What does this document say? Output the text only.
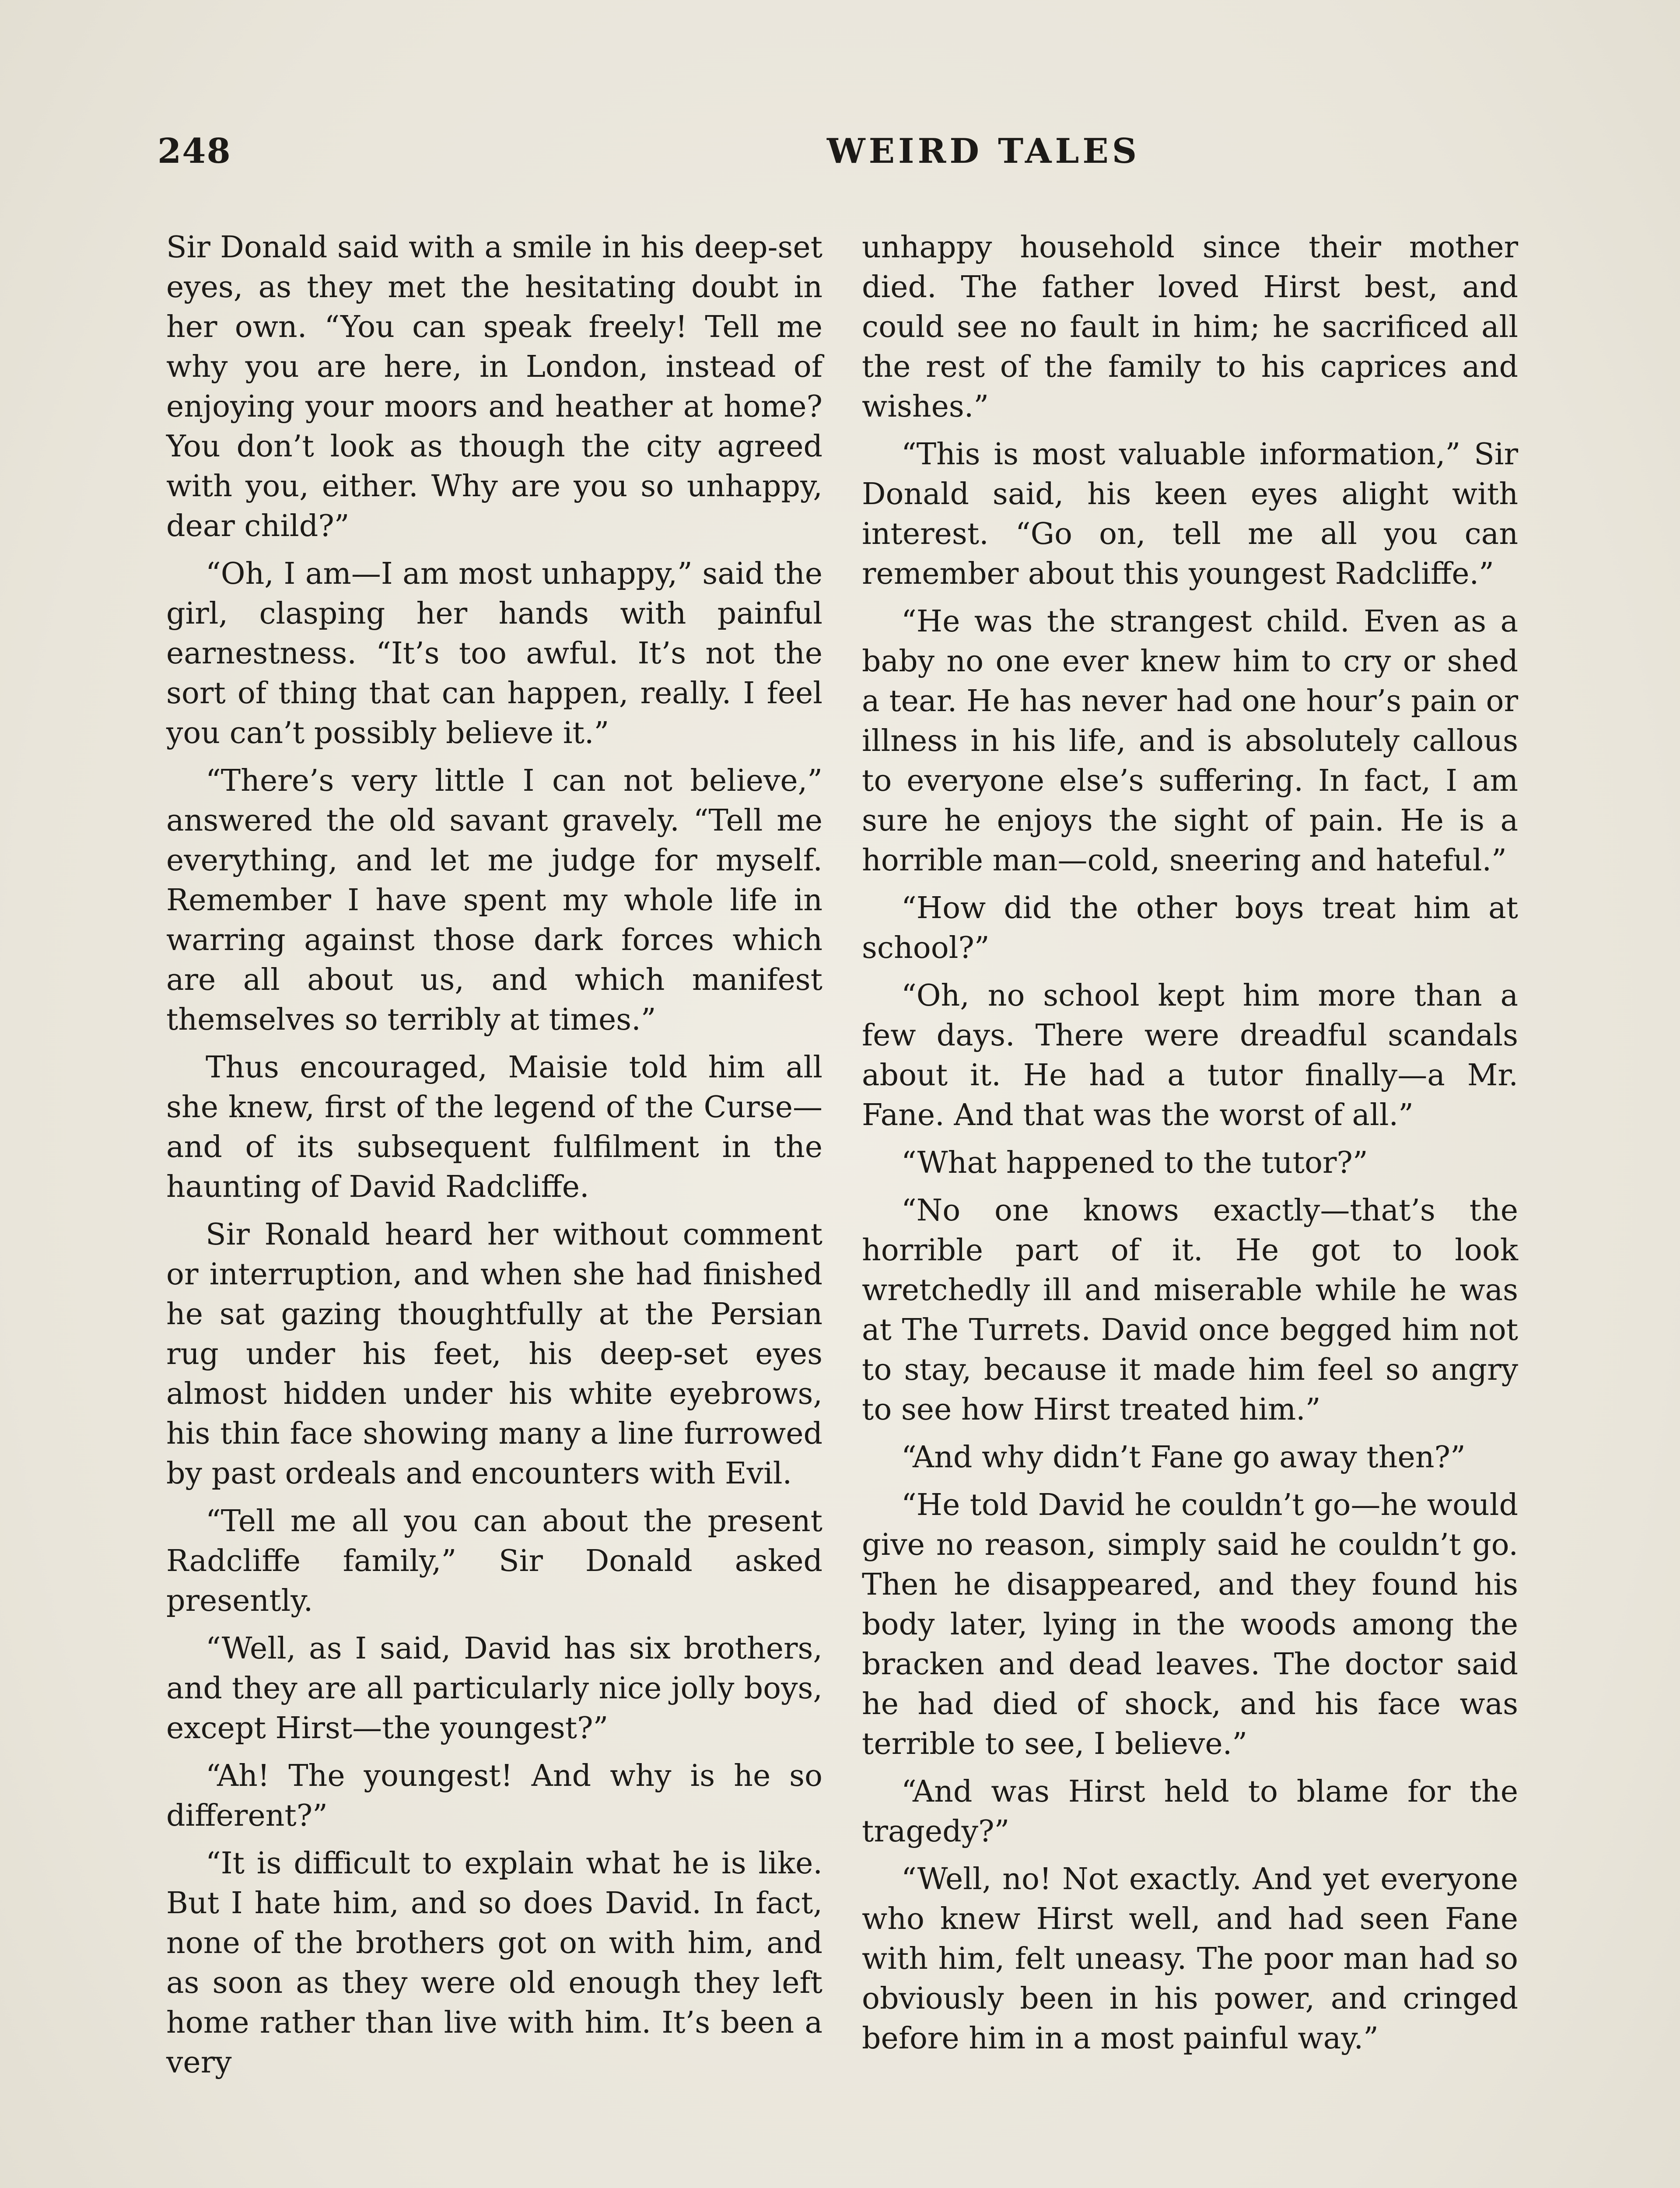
248	WEIRD TALES

Sir Donald said with a smile in his deep-set eyes, as they met the hesitating doubt in her own. “You can speak freely! Tell me why you are here, in London, instead of enjoying your moors and heather at home? You don’t look as though the city agreed with you, either. Why are you so unhappy, dear child?”

“Oh, I am—I am most unhappy,” said the girl, clasping her hands with painful earnestness. “It’s too awful. It’s not the sort of thing that can happen, really. I feel you can’t possibly believe it.”

“There’s very little I can not believe,” answered the old savant gravely. “Tell me everything, and let me judge for myself. Remember I have spent my whole life in warring against those dark forces which are all about us, and which manifest themselves so terribly at times.”

Thus encouraged, Maisie told him all she knew, first of the legend of the Curse—and of its subsequent fulfilment in the haunting of David Radcliffe.

Sir Ronald heard her without comment or interruption, and when she had finished he sat gazing thoughtfully at the Persian rug under his feet, his deep-set eyes almost hidden under his white eyebrows, his thin face showing many a line furrowed by past ordeals and encounters with Evil.

“Tell me all you can about the present Radcliffe family,” Sir Donald asked presently.

“Well, as I said, David has six brothers, and they are all particularly nice jolly boys, except Hirst—the youngest?”

“Ah! The youngest! And why is he so different?”

“It is difficult to explain what he is like. But I hate him, and so does David. In fact, none of the brothers got on with him, and as soon as they were old enough they left home rather than live with him. It’s been a very

unhappy household since their mother died. The father loved Hirst best, and could see no fault in him; he sacrificed all the rest of the family to his caprices and wishes.”

“This is most valuable information,” Sir Donald said, his keen eyes alight with interest. “Go on, tell me all you can remember about this youngest Radcliffe.”

“He was the strangest child. Even as a baby no one ever knew him to cry or shed a tear. He has never had one hour’s pain or illness in his life, and is absolutely callous to everyone else’s suffering. In fact, I am sure he enjoys the sight of pain. He is a horrible man—cold, sneering and hateful.”

“How did the other boys treat him at school?”

“Oh, no school kept him more than a few days. There were dreadful scandals about it. He had a tutor finally—a Mr. Fane. And that was the worst of all.”

“What happened to the tutor?”

“No one knows exactly—that’s the horrible part of it. He got to look wretchedly ill and miserable while he was at The Turrets. David once begged him not to stay, because it made him feel so angry to see how Hirst treated him.”

“And why didn’t Fane go away then?”

“He told David he couldn’t go—he would give no reason, simply said he couldn’t go. Then he disappeared, and they found his body later, lying in the woods among the bracken and dead leaves. The doctor said he had died of shock, and his face was terrible to see, I believe.”

“And was Hirst held to blame for the tragedy?”

“Well, no! Not exactly. And yet everyone who knew Hirst well, and had seen Fane with him, felt uneasy. The poor man had so obviously been in his power, and cringed before him in a most painful way.”
